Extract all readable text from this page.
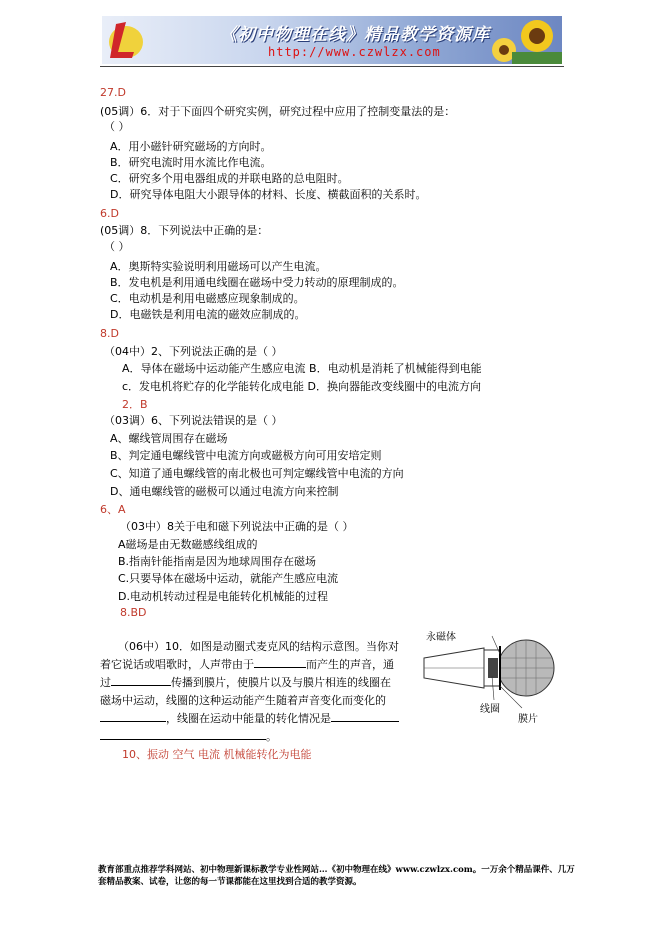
《初中物理在线》精品教学资源库
http://www.czwlzx.com
27.D
(05调）6．对于下面四个研究实例，研究过程中应用了控制变量法的是：
（ ）
A．用小磁针研究磁场的方向时。
B．研究电流时用水流比作电流。
C．研究多个用电器组成的并联电路的总电阻时。
D．研究导体电阻大小跟导体的材料、长度、横截面积的关系时。
6.D
(05调）8．下列说法中正确的是：
（ ）
A．奥斯特实验说明利用磁场可以产生电流。
B．发电机是利用通电线圈在磁场中受力转动的原理制成的。
C．电动机是利用电磁感应现象制成的。
D．电磁铁是利用电流的磁效应制成的。
8.D
（04中）2、下列说法正确的是（ ）
A．导体在磁场中运动能产生感应电流 B．电动机是消耗了机械能得到电能
c．发电机将贮存的化学能转化成电能 D．换向器能改变线圈中的电流方向
2．B
（03调）6、下列说法错误的是（ ）
A、螺线管周围存在磁场
B、判定通电螺线管中电流方向或磁极方向可用安培定则
C、知道了通电螺线管的南北极也可判定螺线管中电流的方向
D、通电螺线管的磁极可以通过电流方向来控制
6、A
（03中）8关于电和磁下列说法中正确的是（ ）
A磁场是由无数磁感线组成的
B.指南针能指南是因为地球周围存在磁场
C.只要导体在磁场中运动，就能产生感应电流
D.电动机转动过程是电能转化机械能的过程
8.BD
（06中）10．如图是动圈式麦克风的结构示意图。当你对
着它说话或唱歌时，人声带由于	而产生的声音，通
过	传播到膜片，使膜片以及与膜片相连的线圈在
磁场中运动，线圈的这种运动能产生随着声音变化而变化的
，线圈在运动中能量的转化情况是
。
10、振动 空气 电流 机械能转化为电能
永磁体
线圈
膜片
教育部重点推荐学科网站、初中物理新课标教学专业性网站…《初中物理在线》www.czwlzx.com。一万余个精品课件、几万套精品教案、试卷，让您的每一节课都能在这里找到合适的教学资源。
